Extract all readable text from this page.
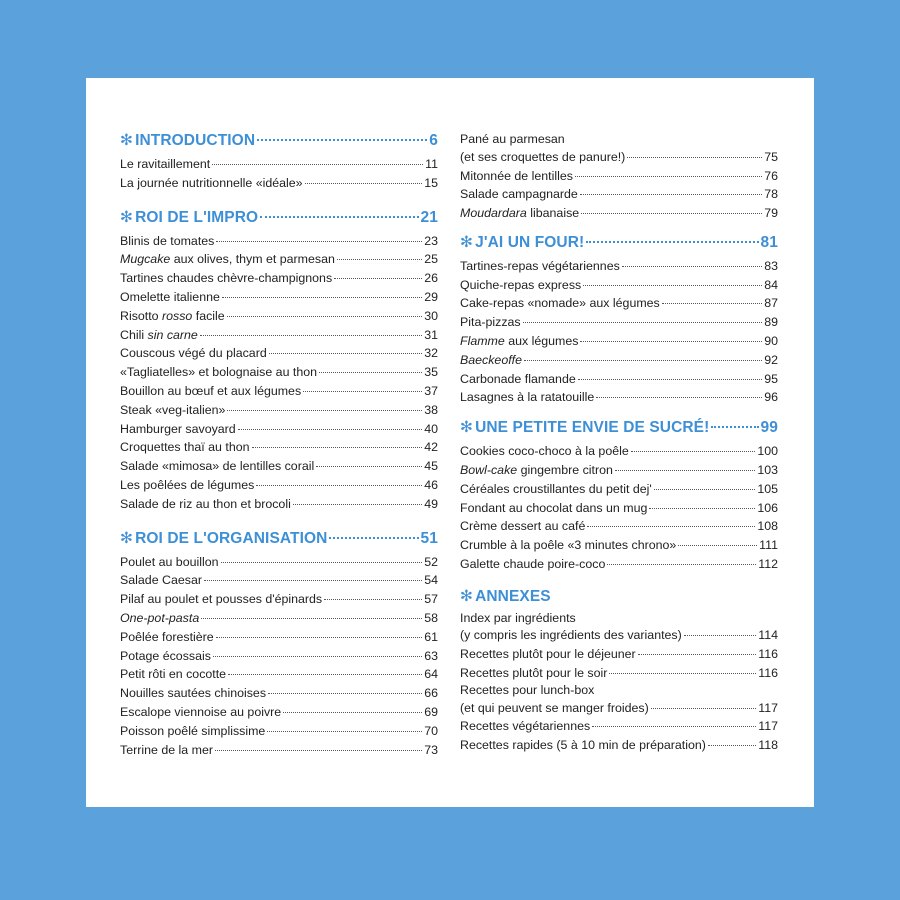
✻ INTRODUCTION	6
Le ravitaillement	11
La journée nutritionnelle «idéale»	15
✻ ROI DE L'IMPRO	21
Blinis de tomates	23
Mugcake aux olives, thym et parmesan	25
Tartines chaudes chèvre-champignons	26
Omelette italienne	29
Risotto rosso facile	30
Chili sin carne	31
Couscous végé du placard	32
«Tagliatelles» et bolognaise au thon	35
Bouillon au bœuf et aux légumes	37
Steak «veg-italien»	38
Hamburger savoyard	40
Croquettes thaï au thon	42
Salade «mimosa» de lentilles corail	45
Les poêlées de légumes	46
Salade de riz au thon et brocoli	49
✻ ROI DE L'ORGANISATION	51
Poulet au bouillon	52
Salade Caesar	54
Pilaf au poulet et pousses d'épinards	57
One-pot-pasta	58
Poêlée forestière	61
Potage écossais	63
Petit rôti en cocotte	64
Nouilles sautées chinoises	66
Escalope viennoise au poivre	69
Poisson poêlé simplissime	70
Terrine de la mer	73
Pané au parmesan
(et ses croquettes de panure!)	75
Mitonnée de lentilles	76
Salade campagnarde	78
Moudardara libanaise	79
✻ J'AI UN FOUR!	81
Tartines-repas végétariennes	83
Quiche-repas express	84
Cake-repas «nomade» aux légumes	87
Pita-pizzas	89
Flamme aux légumes	90
Baeckeoffe	92
Carbonade flamande	95
Lasagnes à la ratatouille	96
✻ UNE PETITE ENVIE DE SUCRÉ!	99
Cookies coco-choco à la poêle	100
Bowl-cake gingembre citron	103
Céréales croustillantes du petit dej'	105
Fondant au chocolat dans un mug	106
Crème dessert au café	108
Crumble à la poêle «3 minutes chrono»	111
Galette chaude poire-coco	112
✻ ANNEXES
Index par ingrédients
(y compris les ingrédients des variantes)	114
Recettes plutôt pour le déjeuner	116
Recettes plutôt pour le soir	116
Recettes pour lunch-box
(et qui peuvent se manger froides)	117
Recettes végétariennes	117
Recettes rapides (5 à 10 min de préparation)	118
